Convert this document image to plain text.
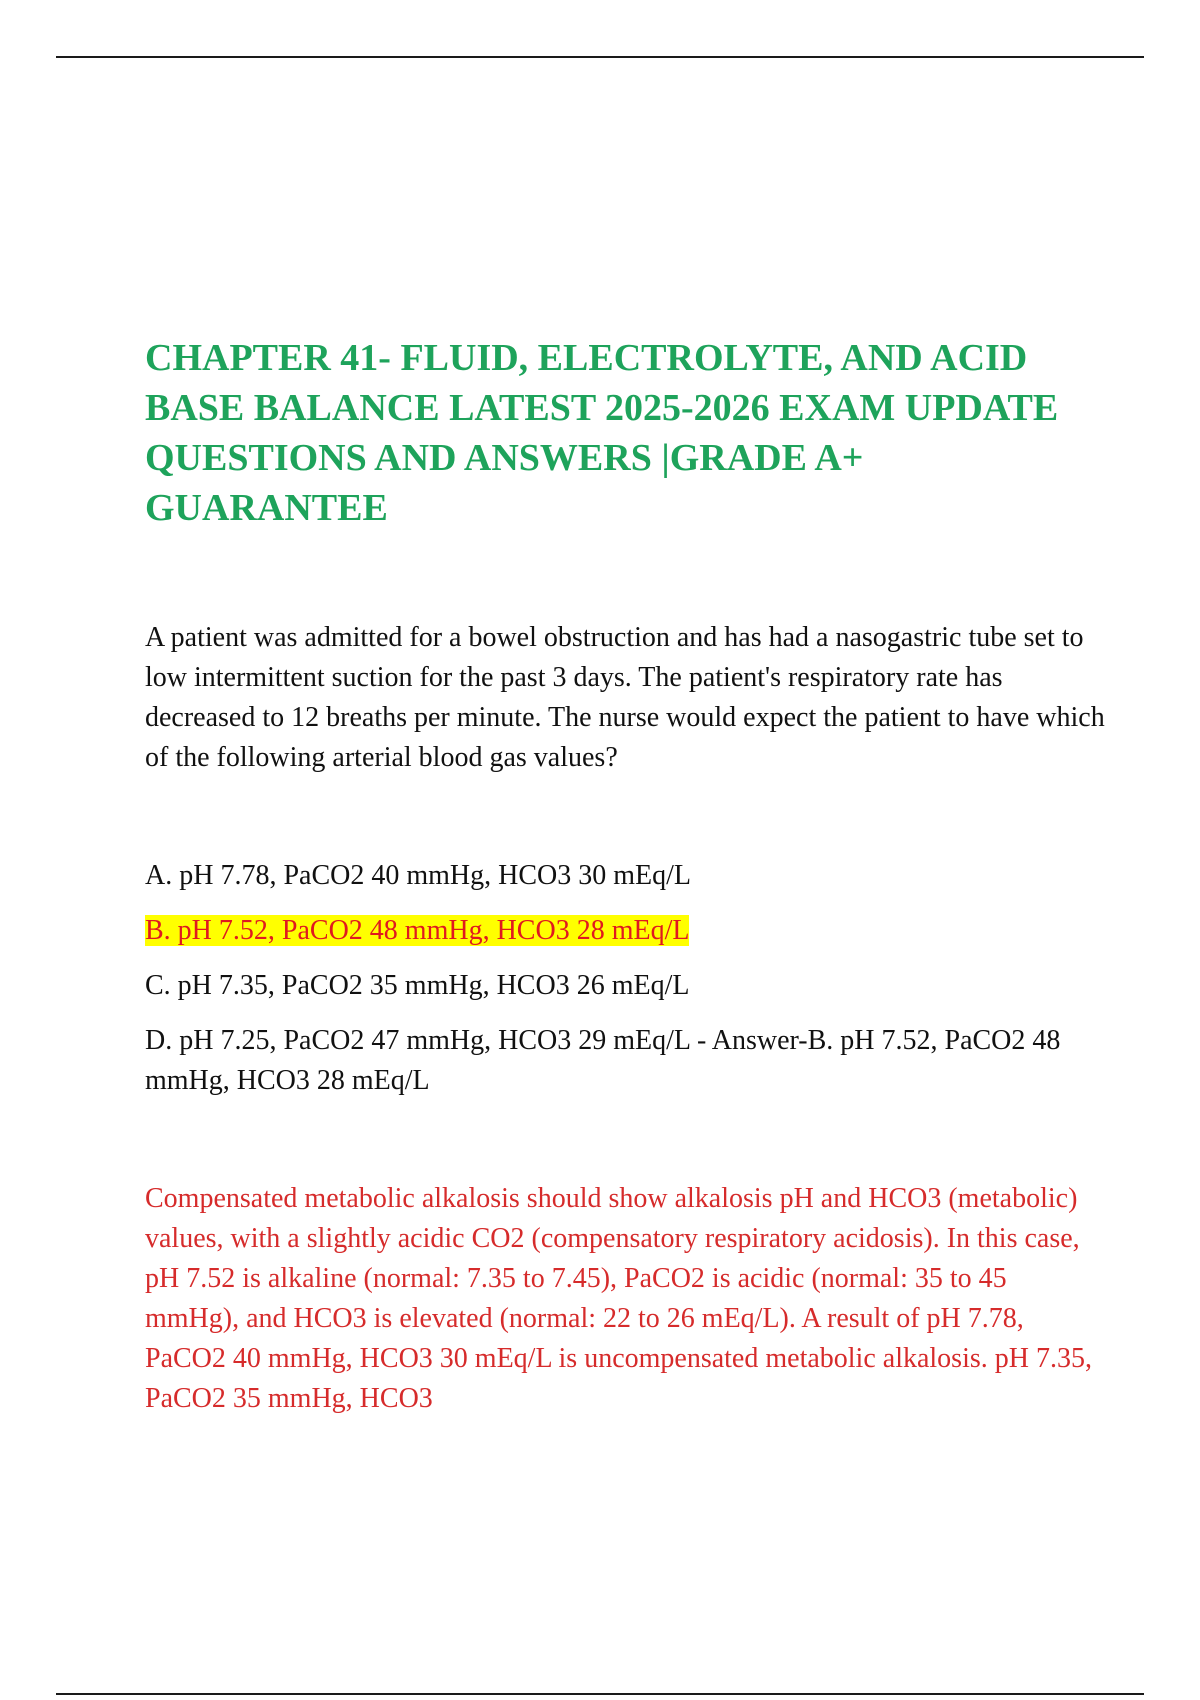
CHAPTER 41- FLUID, ELECTROLYTE, AND ACID   BASE BALANCE LATEST 2025-2026 EXAM UPDATE QUESTIONS AND ANSWERS |GRADE A+ GUARANTEE

A patient was admitted for a bowel obstruction and has had a nasogastric tube set to low intermittent suction for the past 3 days. The patient's respiratory rate has decreased to 12 breaths per minute. The nurse would expect the patient to have which of the following arterial blood gas values?

A. pH 7.78, PaCO2 40 mmHg, HCO3 30 mEq/L
B. pH 7.52, PaCO2 48 mmHg, HCO3 28 mEq/L
C. pH 7.35, PaCO2 35 mmHg, HCO3 26 mEq/L
D. pH 7.25, PaCO2 47 mmHg, HCO3 29 mEq/L - Answer-B. pH 7.52, PaCO2 48 mmHg, HCO3 28 mEq/L

Compensated metabolic alkalosis should show alkalosis pH and HCO3 (metabolic) values, with a slightly acidic CO2 (compensatory respiratory acidosis). In this case, pH 7.52 is alkaline (normal: 7.35 to 7.45), PaCO2 is acidic (normal: 35 to 45 mmHg), and HCO3 is elevated (normal: 22 to 26 mEq/L). A result of pH 7.78, PaCO2 40 mmHg, HCO3 30 mEq/L is uncompensated metabolic alkalosis. pH 7.35, PaCO2 35 mmHg, HCO3
